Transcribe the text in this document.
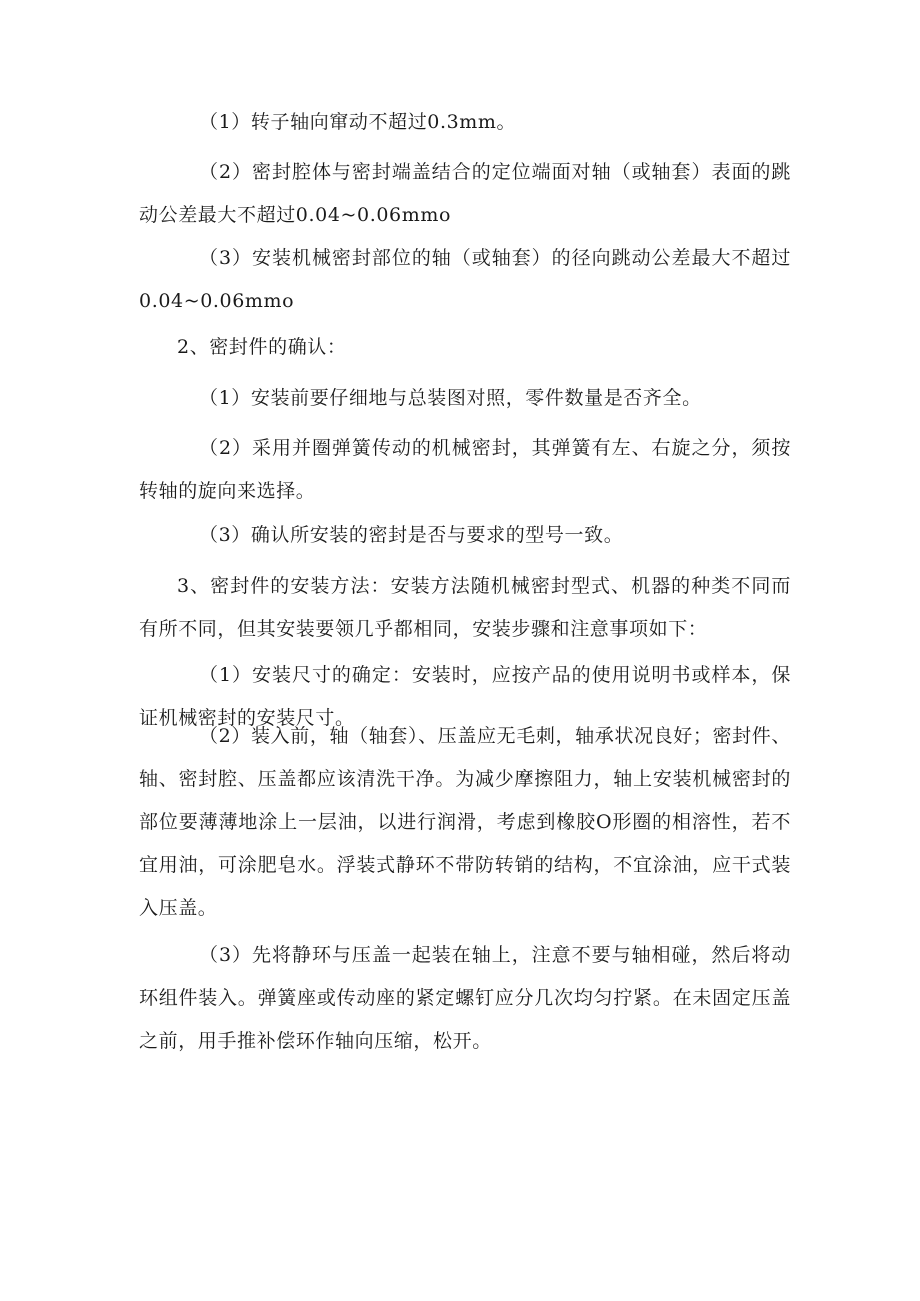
（1）转子轴向窜动不超过0.3mm。

（2）密封腔体与密封端盖结合的定位端面对轴（或轴套）表面的跳动公差最大不超过0.04~0.06mmo

（3）安装机械密封部位的轴（或轴套）的径向跳动公差最大不超过0.04~0.06mmo

2、密封件的确认：

（1）安装前要仔细地与总装图对照，零件数量是否齐全。

（2）采用并圈弹簧传动的机械密封，其弹簧有左、右旋之分，须按转轴的旋向来选择。

（3）确认所安装的密封是否与要求的型号一致。

3、密封件的安装方法：安装方法随机械密封型式、机器的种类不同而有所不同，但其安装要领几乎都相同，安装步骤和注意事项如下：

（1）安装尺寸的确定：安装时，应按产品的使用说明书或样本，保证机械密封的安装尺寸。

（2）装入前，轴（轴套）、压盖应无毛刺，轴承状况良好；密封件、轴、密封腔、压盖都应该清洗干净。为减少摩擦阻力，轴上安装机械密封的部位要薄薄地涂上一层油，以进行润滑，考虑到橡胶O形圈的相溶性，若不宜用油，可涂肥皂水。浮装式静环不带防转销的结构，不宜涂油，应干式装入压盖。

（3）先将静环与压盖一起装在轴上，注意不要与轴相碰，然后将动环组件装入。弹簧座或传动座的紧定螺钉应分几次均匀拧紧。在未固定压盖之前，用手推补偿环作轴向压缩，松开。
